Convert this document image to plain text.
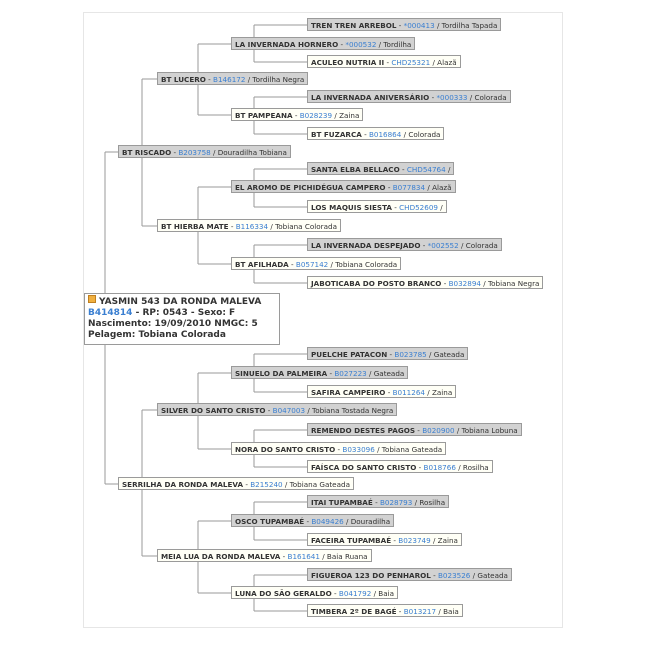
TREN TREN ARREBOL - *000413 / Tordilha Tapada
ACULEO NUTRIA II - CHD25321 / Alazã
LA INVERNADA ANIVERSÁRIO - *000333 / Colorada
BT FUZARCA - B016864 / Colorada
SANTA ELBA BELLACO - CHD54764 /
LOS MAQUIS SIESTA - CHD52609 /
LA INVERNADA DESPEJADO - *002552 / Colorada
JABOTICABA DO POSTO BRANCO - B032894 / Tobiana Negra
PUELCHE PATACON - B023785 / Gateada
SAFIRA CAMPEIRO - B011264 / Zaina
REMENDO DESTES PAGOS - B020900 / Tobiana Lobuna
FAÍSCA DO SANTO CRISTO - B018766 / Rosilha
ITAI TUPAMBAÉ - B028793 / Rosilha
FACEIRA TUPAMBAÉ - B023749 / Zaina
FIGUEROA 123 DO PENHAROL - B023526 / Gateada
TIMBERA 2º DE BAGÉ - B013217 / Baia
LA INVERNADA HORNERO - *000532 / Tordilha
BT PAMPEANA - B028239 / Zaina
EL AROMO DE PICHIDÉGUA CAMPERO - B077834 / Alazã
BT AFILHADA - B057142 / Tobiana Colorada
SINUELO DA PALMEIRA - B027223 / Gateada
NORA DO SANTO CRISTO - B033096 / Tobiana Gateada
OSCO TUPAMBAÉ - B049426 / Douradilha
LUNA DO SÃO GERALDO - B041792 / Baia
BT LUCERO - B146172 / Tordilha Negra
BT HIERBA MATE - B116334 / Tobiana Colorada
SILVER DO SANTO CRISTO - B047003 / Tobiana Tostada Negra
MEIA LUA DA RONDA MALEVA - B161641 / Baia Ruana
BT RISCADO - B203758 / Douradilha Tobiana
SERRILHA DA RONDA MALEVA - B215240 / Tobiana Gateada
YASMIN 543 DA RONDA MALEVA
B414814 - RP: 0543 - Sexo: F
Nascimento: 19/09/2010 NMGC: 5
Pelagem: Tobiana Colorada
